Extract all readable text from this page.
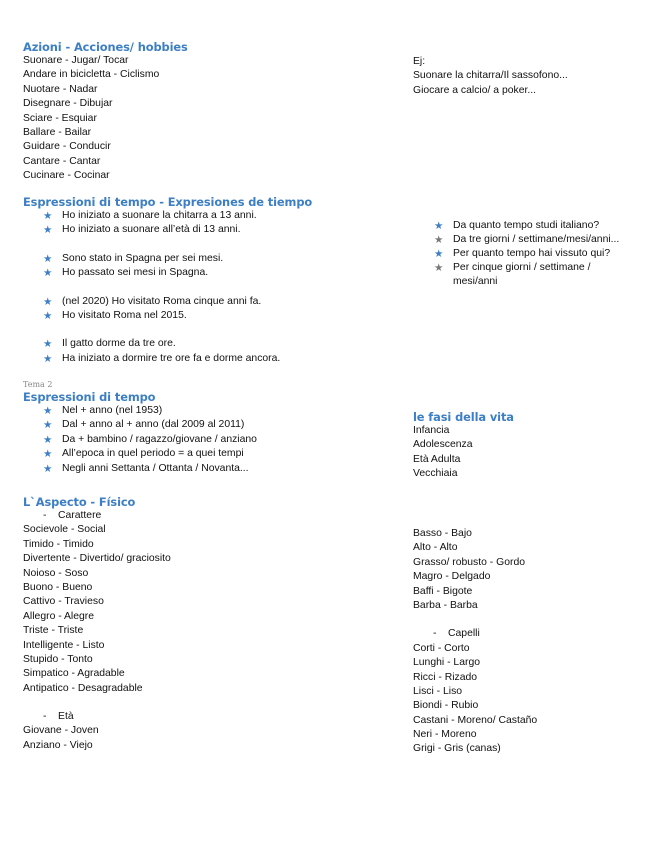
Azioni - Acciones/ hobbies
Suonare - Jugar/ Tocar
Andare in bicicletta - Ciclismo
Nuotare - Nadar
Disegnare - Dibujar
Sciare - Esquiar
Ballare - Bailar
Guidare - Conducir
Cantare - Cantar
Cucinare - Cocinar
Ej:
Suonare la chitarra/Il sassofono...
Giocare a calcio/ a poker...
Espressioni di tempo - Expresiones de tiempo
★ Ho iniziato a suonare la chitarra a 13 anni.
★ Ho iniziato a suonare all’età di 13 anni.
★ Sono stato in Spagna per sei mesi.
★ Ho passato sei mesi in Spagna.
★ (nel 2020) Ho visitato Roma cinque anni fa.
★ Ho visitato Roma nel 2015.
★ Il gatto dorme da tre ore.
★ Ha iniziato a dormire tre ore fa e dorme ancora.
★ Da quanto tempo studi italiano?
★ Da tre giorni / settimane/mesi/anni...
★ Per quanto tempo hai vissuto qui?
★ Per cinque giorni / settimane / mesi/anni
Tema 2
Espressioni di tempo
★ Nel + anno (nel 1953)
★ Dal + anno al + anno (dal 2009 al 2011)
★ Da + bambino / ragazzo/giovane / anziano
★ All’epoca in quel periodo = a quei tempi
★ Negli anni Settanta / Ottanta / Novanta...
le fasi della vita
Infancia
Adolescenza
Età Adulta
Vecchiaia
L`Aspecto - Físico
-    Carattere
Socievole - Social
Timido - Timido
Divertente - Divertido/ graciosito
Noioso - Soso
Buono - Bueno
Cattivo - Travieso
Allegro - Alegre
Triste - Triste
Intelligente - Listo
Stupido - Tonto
Simpatico - Agradable
Antipatico - Desagradable
-    Età
Giovane - Joven
Anziano - Viejo
Basso - Bajo
Alto - Alto
Grasso/ robusto - Gordo
Magro - Delgado
Baffi - Bigote
Barba - Barba
-    Capelli
Corti - Corto
Lunghi - Largo
Ricci - Rizado
Lisci - Liso
Biondi - Rubio
Castani - Moreno/ Castaño
Neri - Moreno
Grigi - Gris (canas)
